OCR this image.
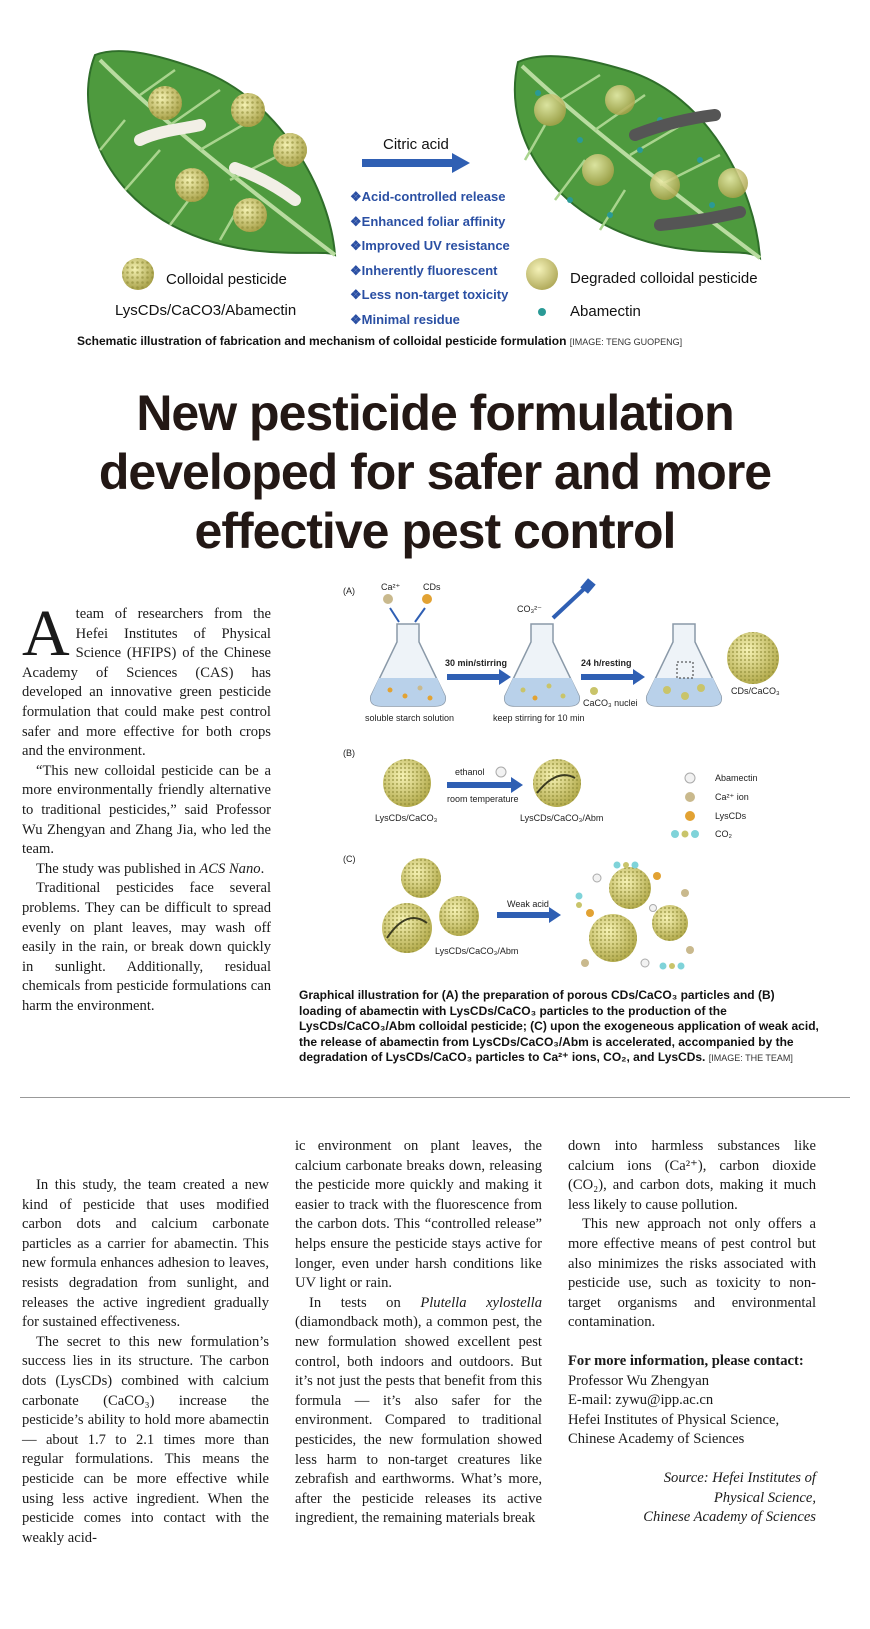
Citric acid
❖Acid-controlled release
❖Enhanced foliar affinity
❖Improved UV resistance
❖Inherently fluorescent
❖Less non-target toxicity
❖Minimal residue
Colloidal pesticide
LysCDs/CaCO3/Abamectin
Degraded colloidal pesticide
Abamectin
Schematic illustration of fabrication and mechanism of colloidal pesticide formulation [IMAGE: TENG GUOPENG]
New pesticide formulation
developed for safer and more
effective pest control

Ateam of researchers from the Hefei Institutes of Physical Science (HFIPS) of the Chinese Academy of Sciences (CAS) has developed an innovative green pesticide formulation that could make pest control safer and more effective for both crops and the environment.

“This new colloidal pesticide can be a more environmentally friendly alternative to traditional pesticides,” said Professor Wu Zhengyan and Zhang Jia, who led the team.

The study was published in ACS Nano.

Traditional pesticides face several problems. They can be difficult to spread evenly on plant leaves, may wash off easily in the rain, or break down quickly in sunlight. Additionally, residual chemicals from pesticide formulations can harm the environment.

(A)	Ca²⁺	CDs
soluble starch solution
30 min/stirring
CO₃²⁻
keep stirring for 10 min
24 h/resting
CaCO₃ nuclei
CDs/CaCO₃
(B)
LysCDs/CaCO₃
ethanol
room temperature
LysCDs/CaCO₃/Abm
Abamectin
Ca²⁺ ion
LysCDs
CO₂
(C)
LysCDs/CaCO₃/Abm
Weak acid
Graphical illustration for (A) the preparation of porous CDs/CaCO₃ particles and (B) loading of abamectin with LysCDs/CaCO₃ particles to the production of the LysCDs/CaCO₃/Abm colloidal pesticide; (C) upon the exogeneous application of weak acid, the release of abamectin from LysCDs/CaCO₃/Abm is accelerated, accompanied by the degradation of LysCDs/CaCO₃ particles to Ca²⁺ ions, CO₂, and LysCDs. [IMAGE: THE TEAM]

In this study, the team created a new kind of pesticide that uses modified carbon dots and calcium carbonate particles as a carrier for abamectin. This new formula enhances adhesion to leaves, resists degradation from sunlight, and releases the active ingredient gradually for sustained effectiveness.

The secret to this new formulation’s success lies in its structure. The carbon dots (LysCDs) combined with calcium carbonate (CaCO₃) increase the pesticide’s ability to hold more abamectin — about 1.7 to 2.1 times more than regular formulations. This means the pesticide can be more effective while using less active ingredient. When the pesticide comes into contact with the weakly acid-

ic environment on plant leaves, the calcium carbonate breaks down, releasing the pesticide more quickly and making it easier to track with the fluorescence from the carbon dots. This “controlled release” helps ensure the pesticide stays active for longer, even under harsh conditions like UV light or rain.

In tests on Plutella xylostella (diamondback moth), a common pest, the new formulation showed excellent pest control, both indoors and outdoors. But it’s not just the pests that benefit from this formula — it’s also safer for the environment. Compared to traditional pesticides, the new formulation showed less harm to non-target creatures like zebrafish and earthworms. What’s more, after the pesticide releases its active ingredient, the remaining materials break

down into harmless substances like calcium ions (Ca²⁺), carbon dioxide (CO₂), and carbon dots, making it much less likely to cause pollution.

This new approach not only offers a more effective means of pest control but also minimizes the risks associated with pesticide use, such as toxicity to non-target organisms and environmental contamination.

For more information, please contact:
Professor Wu Zhengyan
E-mail: zywu@ipp.ac.cn
Hefei Institutes of Physical Science,
Chinese Academy of Sciences
Source: Hefei Institutes of
Physical Science,
Chinese Academy of Sciences
